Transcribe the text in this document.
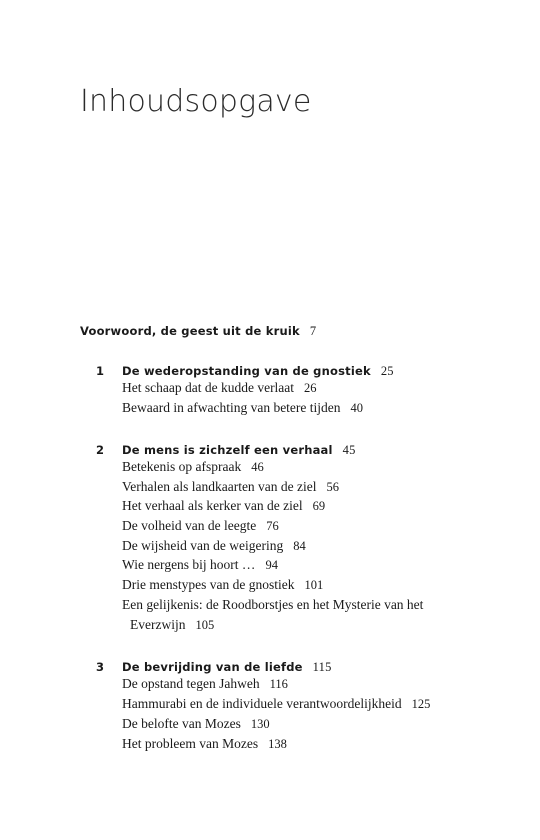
Inhoudsopgave
Voorwoord, de geest uit de kruik 7
1 De wederopstanding van de gnostiek 25
Het schaap dat de kudde verlaat 26
Bewaard in afwachting van betere tijden 40
2 De mens is zichzelf een verhaal 45
Betekenis op afspraak 46
Verhalen als landkaarten van de ziel 56
Het verhaal als kerker van de ziel 69
De volheid van de leegte 76
De wijsheid van de weigering 84
Wie nergens bij hoort … 94
Drie menstypes van de gnostiek 101
Een gelijkenis: de Roodborstjes en het Mysterie van het
Everzwijn 105
3 De bevrijding van de liefde 115
De opstand tegen Jahweh 116
Hammurabi en de individuele verantwoordelijkheid 125
De belofte van Mozes 130
Het probleem van Mozes 138
